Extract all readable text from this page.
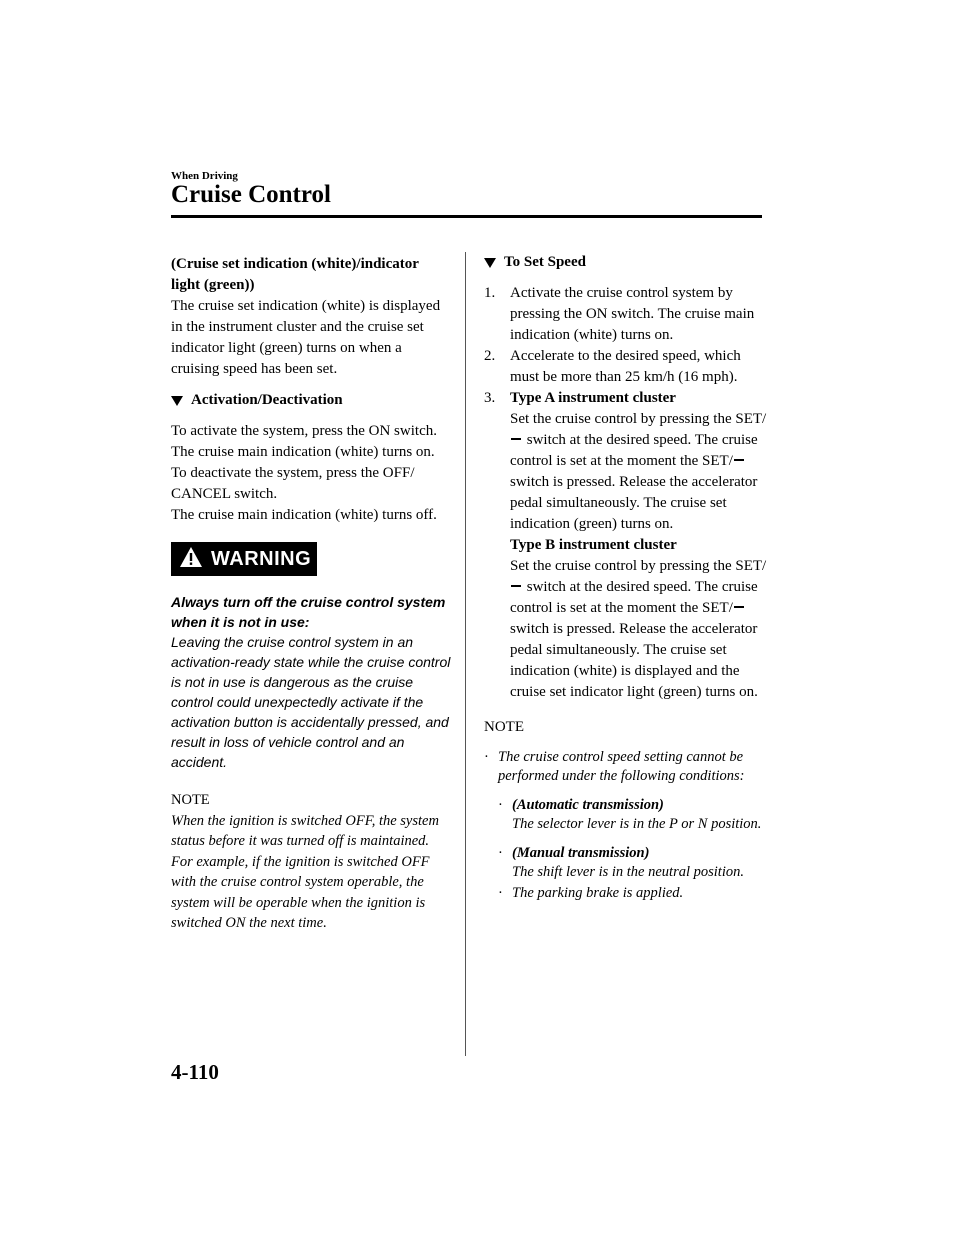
When Driving
Cruise Control

(Cruise set indication (white)/indicator light (green))

The cruise set indication (white) is displayed in the instrument cluster and the cruise set indicator light (green) turns on when a cruising speed has been set.

Activation/Deactivation

To activate the system, press the ON switch. The cruise main indication (white) turns on.

To deactivate the system, press the OFF/ CANCEL switch.

The cruise main indication (white) turns off.

WARNING

Always turn off the cruise control system when it is not in use:

Leaving the cruise control system in an activation-ready state while the cruise control is not in use is dangerous as the cruise control could unexpectedly activate if the activation button is accidentally pressed, and result in loss of vehicle control and an accident.

NOTE

When the ignition is switched OFF, the system status before it was turned off is maintained. For example, if the ignition is switched OFF with the cruise control system operable, the system will be operable when the ignition is switched ON the next time.

To Set Speed
1. Activate the cruise control system by pressing the ON switch. The cruise main indication (white) turns on.
2. Accelerate to the desired speed, which must be more than 25 km/h (16 mph).
3. Type A instrument cluster
Set the cruise control by pressing the SET/ switch at the desired speed. The cruise control is set at the moment the SET/ switch is pressed. Release the accelerator pedal simultaneously. The cruise set indication (green) turns on.
Type B instrument cluster
Set the cruise control by pressing the SET/ switch at the desired speed. The cruise control is set at the moment the SET/ switch is pressed. Release the accelerator pedal simultaneously. The cruise set indication (white) is displayed and the cruise set indicator light (green) turns on.

NOTE

· The cruise control speed setting cannot be performed under the following conditions:
· (Automatic transmission)
The selector lever is in the P or N position.
· (Manual transmission)
The shift lever is in the neutral position.
· The parking brake is applied.
4-110
